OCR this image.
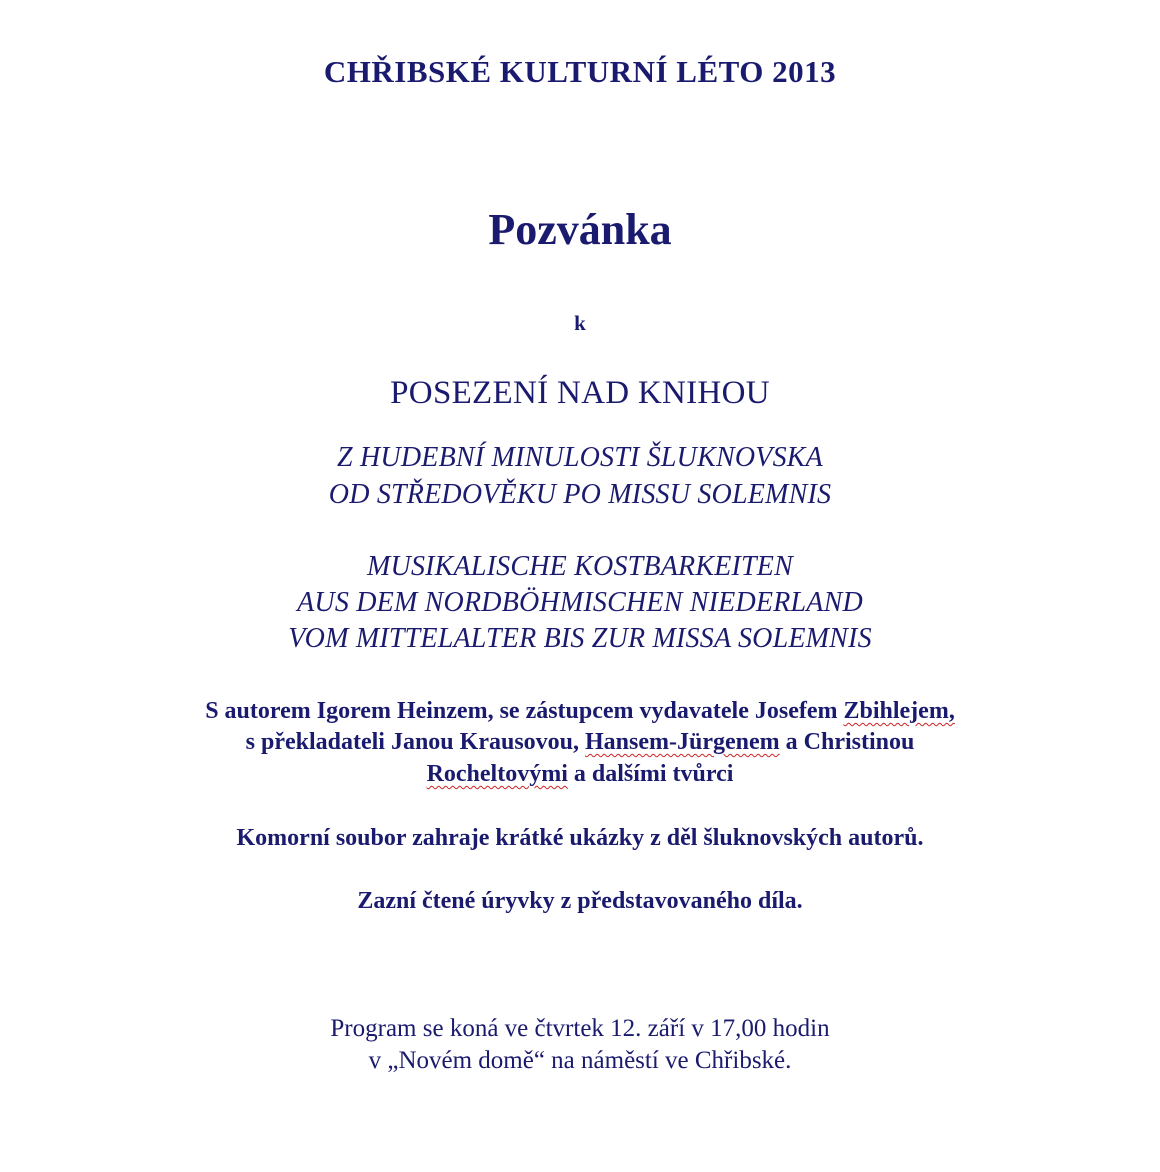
CHŘIBSKÉ KULTURNÍ LÉTO 2013
Pozvánka
k
POSEZENÍ NAD KNIHOU
Z HUDEBNÍ MINULOSTI ŠLUKNOVSKA
OD STŘEDOVĚKU PO MISSU SOLEMNIS
MUSIKALISCHE KOSTBARKEITEN
AUS DEM NORDBÖHMISCHEN NIEDERLAND
VOM MITTELALTER BIS ZUR MISSA SOLEMNIS
S autorem Igorem Heinzem, se zástupcem vydavatele Josefem Zbihlejem,
s překladateli Janou Krausovou, Hansem-Jürgenem a Christinou
Rocheltovými a dalšími tvůrci
Komorní soubor zahraje krátké ukázky z děl šluknovských autorů.
Zazní čtené úryvky z představovaného díla.
Program se koná ve čtvrtek 12. září v 17,00 hodin
v „Novém domě“ na náměstí ve Chřibské.
